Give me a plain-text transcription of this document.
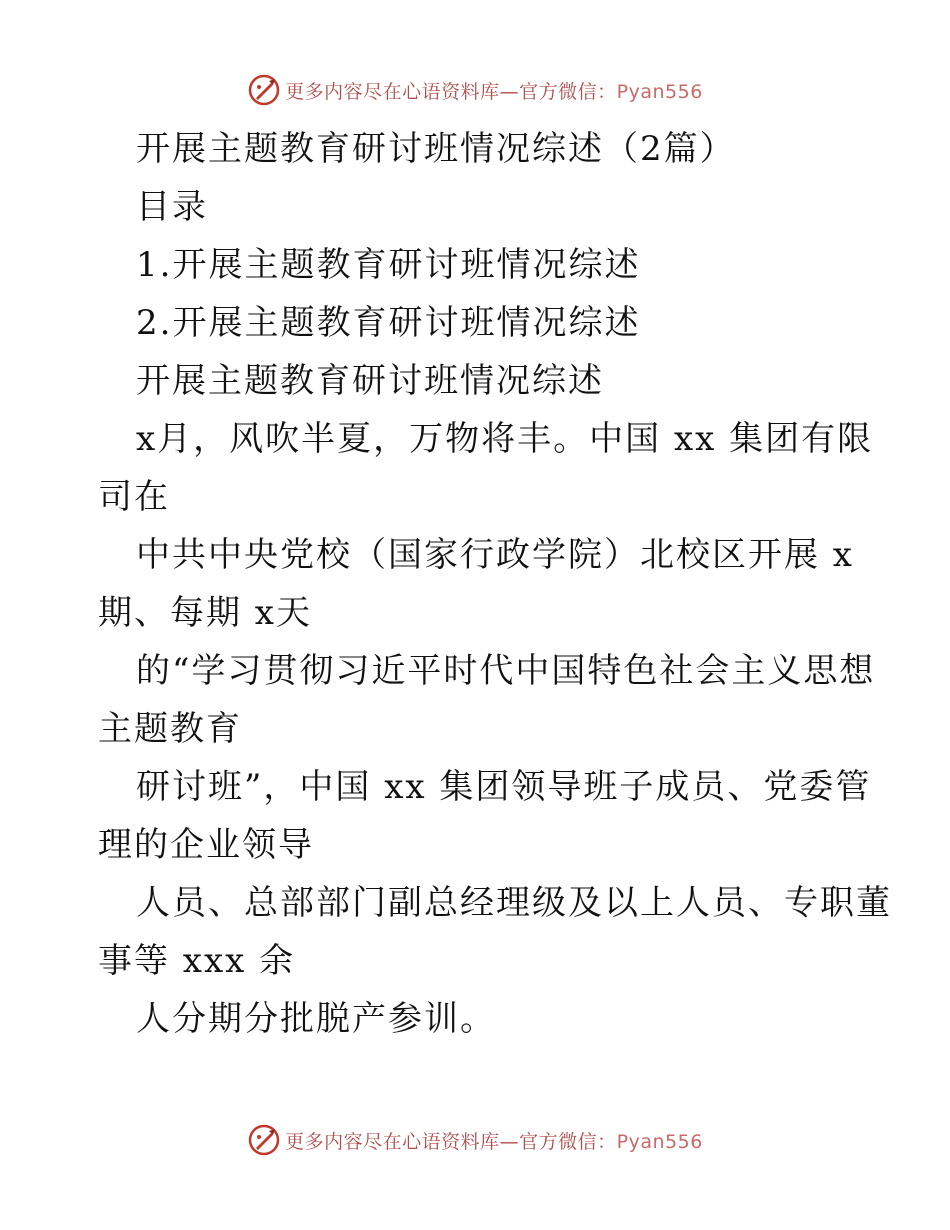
更多内容尽在心语资料库—官方微信：Pyan556
开展主题教育研讨班情况综述（2篇）
目录
1.开展主题教育研讨班情况综述
2.开展主题教育研讨班情况综述
开展主题教育研讨班情况综述
x月，风吹半夏，万物将丰。中国 xx 集团有限
司在
中共中央党校（国家行政学院）北校区开展 x
期、每期 x天
的“学习贯彻习近平时代中国特色社会主义思想
主题教育
研讨班”，中国 xx 集团领导班子成员、党委管
理的企业领导
人员、总部部门副总经理级及以上人员、专职董
事等 xxx 余
人分期分批脱产参训。
更多内容尽在心语资料库—官方微信：Pyan556
